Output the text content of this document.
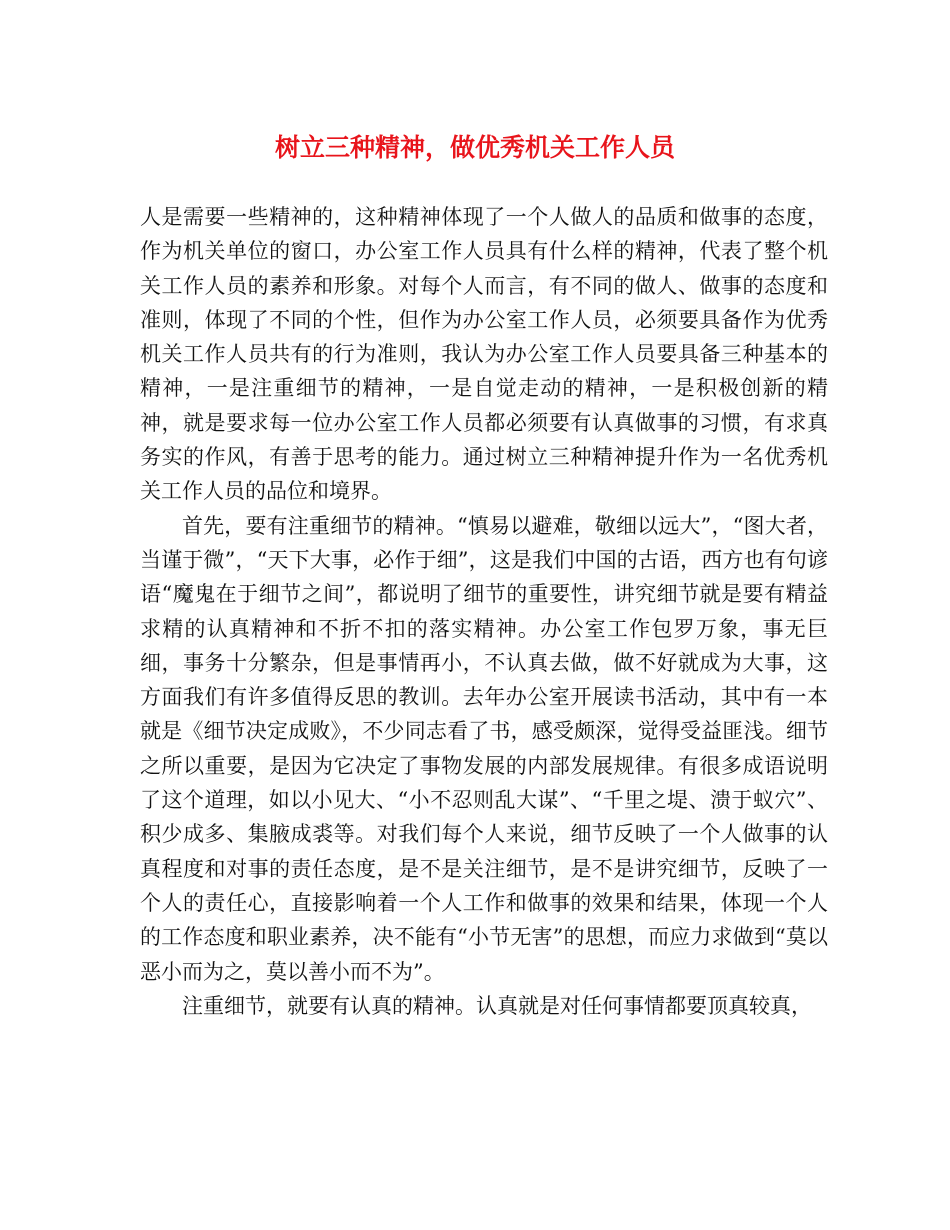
树立三种精神，做优秀机关工作人员

人是需要一些精神的，这种精神体现了一个人做人的品质和做事的态度，作为机关单位的窗口，办公室工作人员具有什么样的精神，代表了整个机关工作人员的素养和形象。对每个人而言，有不同的做人、做事的态度和准则，体现了不同的个性，但作为办公室工作人员，必须要具备作为优秀机关工作人员共有的行为准则，我认为办公室工作人员要具备三种基本的精神，一是注重细节的精神，一是自觉走动的精神，一是积极创新的精神，就是要求每一位办公室工作人员都必须要有认真做事的习惯，有求真务实的作风，有善于思考的能力。通过树立三种精神提升作为一名优秀机关工作人员的品位和境界。

首先，要有注重细节的精神。“慎易以避难，敬细以远大”，“图大者，当谨于微”，“天下大事，必作于细”，这是我们中国的古语，西方也有句谚语“魔鬼在于细节之间”，都说明了细节的重要性，讲究细节就是要有精益求精的认真精神和不折不扣的落实精神。办公室工作包罗万象，事无巨细，事务十分繁杂，但是事情再小，不认真去做，做不好就成为大事，这方面我们有许多值得反思的教训。去年办公室开展读书活动，其中有一本就是《细节决定成败》，不少同志看了书，感受颇深，觉得受益匪浅。细节之所以重要，是因为它决定了事物发展的内部发展规律。有很多成语说明了这个道理，如以小见大、“小不忍则乱大谋”、“千里之堤、溃于蚁穴”、积少成多、集腋成裘等。对我们每个人来说，细节反映了一个人做事的认真程度和对事的责任态度，是不是关注细节，是不是讲究细节，反映了一个人的责任心，直接影响着一个人工作和做事的效果和结果，体现一个人的工作态度和职业素养，决不能有“小节无害”的思想，而应力求做到“莫以恶小而为之，莫以善小而不为”。

注重细节，就要有认真的精神。认真就是对任何事情都要顶真较真，
